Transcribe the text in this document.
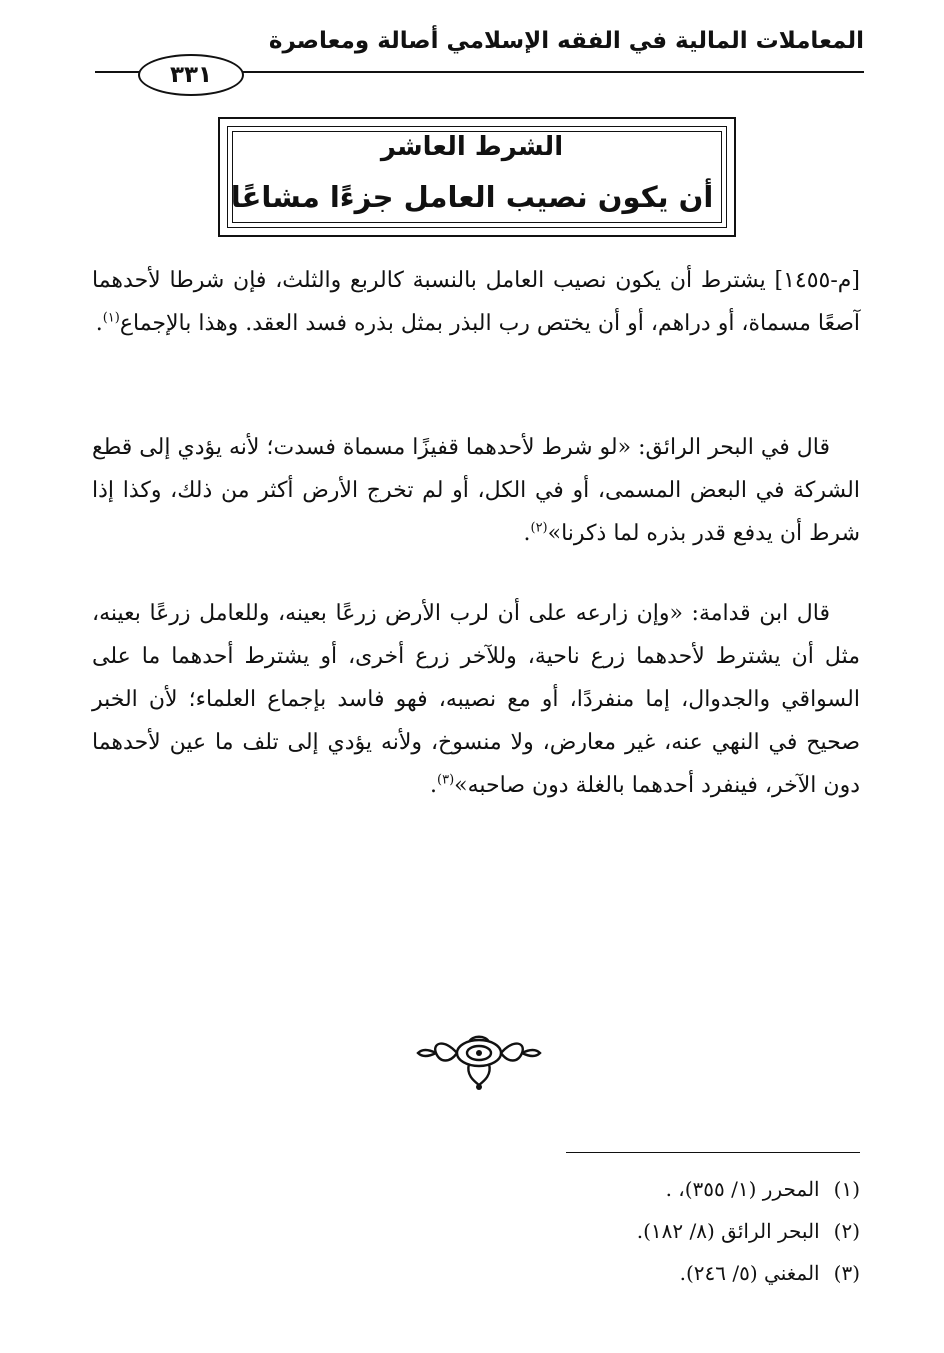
المعاملات المالية في الفقه الإسلامي أصالة ومعاصرة
٣٣١
الشرط العاشر
أن يكون نصيب العامل جزءًا مشاعًا

[م-١٤٥٥] يشترط أن يكون نصيب العامل بالنسبة كالربع والثلث، فإن شرطا لأحدهما آصعًا مسماة، أو دراهم، أو أن يختص رب البذر بمثل بذره فسد العقد. وهذا بالإجماع$^{(١)}$.

قال في البحر الرائق: «لو شرط لأحدهما قفيزًا مسماة فسدت؛ لأنه يؤدي إلى قطع الشركة في البعض المسمى، أو في الكل، أو لم تخرج الأرض أكثر من ذلك، وكذا إذا شرط أن يدفع قدر بذره لما ذكرنا»$^{(٢)}$.

قال ابن قدامة: «وإن زارعه على أن لرب الأرض زرعًا بعينه، وللعامل زرعًا بعينه، مثل أن يشترط لأحدهما زرع ناحية، وللآخر زرع أخرى، أو يشترط أحدهما ما على السواقي والجدوال، إما منفردًا، أو مع نصيبه، فهو فاسد بإجماع العلماء؛ لأن الخبر صحيح في النهي عنه، غير معارض، ولا منسوخ، ولأنه يؤدي إلى تلف ما عين لأحدهما دون الآخر، فينفرد أحدهما بالغلة دون صاحبه»$^{(٣)}$.

(١)المحرر (١/ ٣٥٥)، .
(٢)البحر الرائق (٨/ ١٨٢).
(٣)المغني (٥/ ٢٤٦).
